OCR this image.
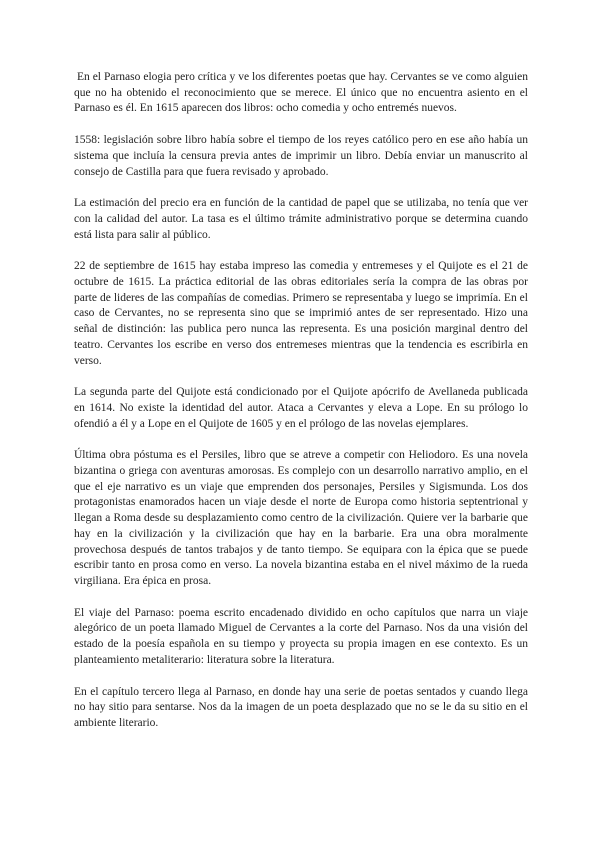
En el Parnaso elogia pero crítica y ve los diferentes poetas que hay. Cervantes se ve como alguien que no ha obtenido el reconocimiento que se merece. El único que no encuentra asiento en el Parnaso es él. En 1615 aparecen dos libros: ocho comedia y ocho entremés nuevos.

1558: legislación sobre libro había sobre el tiempo de los reyes católico pero en ese año había un sistema que incluía la censura previa antes de imprimir un libro. Debía enviar un manuscrito al consejo de Castilla para que fuera revisado y aprobado.

La estimación del precio era en función de la cantidad de papel que se utilizaba, no tenía que ver con la calidad del autor. La tasa es el último trámite administrativo porque se determina cuando está lista para salir al público.

22 de septiembre de 1615 hay estaba impreso las comedia y entremeses y el Quijote es el 21 de octubre de 1615. La práctica editorial de las obras editoriales sería la compra de las obras por parte de lideres de las compañías de comedias. Primero se representaba y luego se imprimía. En el caso de Cervantes, no se representa sino que se imprimió antes de ser representado. Hizo una señal de distinción: las publica pero nunca las representa. Es una posición marginal dentro del teatro. Cervantes los escribe en verso dos entremeses mientras que la tendencia es escribirla en verso.

La segunda parte del Quijote está condicionado por el Quijote apócrifo de Avellaneda publicada en 1614. No existe la identidad del autor. Ataca a Cervantes y eleva a Lope. En su prólogo lo ofendió a él y a Lope en el Quijote de 1605 y en el prólogo de las novelas ejemplares.

Última obra póstuma es el Persiles, libro que se atreve a competir con Heliodoro. Es una novela bizantina o griega con aventuras amorosas. Es complejo con un desarrollo narrativo amplio, en el que el eje narrativo es un viaje que emprenden dos personajes, Persiles y Sigismunda. Los dos protagonistas enamorados hacen un viaje desde el norte de Europa como historia septentrional y llegan a Roma desde su desplazamiento como centro de la civilización. Quiere ver la barbarie que hay en la civilización y la civilización que hay en la barbarie. Era una obra moralmente provechosa después de tantos trabajos y de tanto tiempo. Se equipara con la épica que se puede escribir tanto en prosa como en verso. La novela bizantina estaba en el nivel máximo de la rueda virgiliana. Era épica en prosa.

El viaje del Parnaso: poema escrito encadenado dividido en ocho capítulos que narra un viaje alegórico de un poeta llamado Miguel de Cervantes a la corte del Parnaso. Nos da una visión del estado de la poesía española en su tiempo y proyecta su propia imagen en ese contexto. Es un planteamiento metaliterario: literatura sobre la literatura.

En el capítulo tercero llega al Parnaso, en donde hay una serie de poetas sentados y cuando llega no hay sitio para sentarse. Nos da la imagen de un poeta desplazado que no se le da su sitio en el ambiente literario.
